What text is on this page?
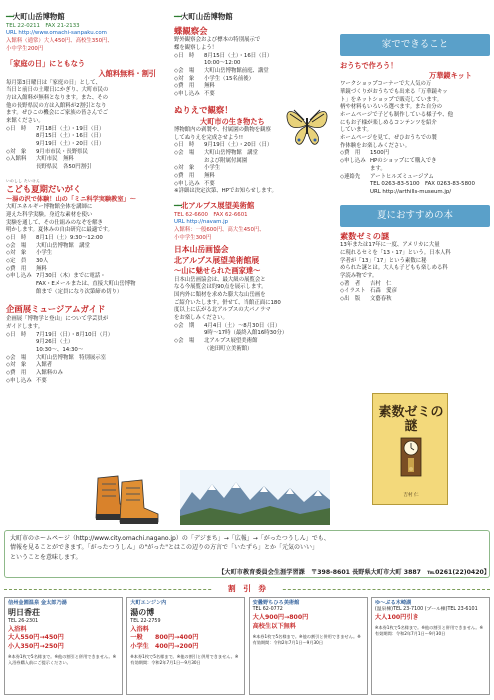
━━大町山岳博物館
TEL 22-0211　FAX 21-2133
URL http://www.omachi-sanpaku.com
入館料（通常）大人450円、高校生350円、
小中学生200円
「家庭の日」にともなう
入館料無料・割引
毎月第3日曜日は「家庭の日」として、
当日と前日の土曜日にかぎり、大町市民の
方は入館料が無料となります。また、その
他の長野県民の方は入館料が2割引となり
ます。ぜひこの機会にご家族の皆さんでご
来館ください。
◇日　時 7月18日（土）・19日（日）
8月15日（土）・16日（日）
9月19日（土）・20日（日）
◇対　象 9月市市民・長野県民
◇入館料 大町市民　無料
長野県民　各50円割引
いのしし たいけん
こども夏期だいがく
～湯の沢で体験！山の「ミニ科学実験教室」～
大町エネルギー博物館全体を講師に
迎えた科学実験。身近な素材を使い
実験を通して、その仕組みのなぞを解き
明かします。夏休みの自由研究に最適です。
◇日　時 8月1日（土）9:30～12:00
◇会　場 大町山岳博物館　講堂
◇対　象 小学生
◇定　員 30人
◇費　用 無料
◇申し込み 7月30日（木）までに電話・
FAX・Eメールまたは、直接大町山岳博物
館まで（定員になり次第締め切り）
企画展ミュージアムガイド
企画展「博物学と登山」について学芸員が
ガイドします。
◇日　時 7月19日（日）・8月10日（月）
9月26日（土）
10:30～、14:30～
◇会　場 大町山岳博物館　特別展示室
◇対　象 入館者
◇費　用 入館料のみ
◇申し込み 不要
━━大町山岳博物館
蝶観察会
野外観察会および標本の特別展示で
蝶を観察しよう！
◇日　時 8月15日（土）・16日（日）
10:00～12:00
◇会　場 大町山岳博物館前庭、講堂
◇対　象 小学生（15名前後）
◇費　用 無料
◇申し込み 不要
ぬりえで観察！
大町市の生き物たち
博物館内の剥製や、付属園の動物を観察
してぬりえを完成させよう!!
◇日　時 9月19日（土）・20日（日）
◇会　場 大町山岳博物館　講堂
および附属付属園
◇対　象 小学生
◇費　用 無料
◇申し込み 不要
※詳細は決定次第、HPでお知らせします。
━━北アルプス展望美術館
TEL 62-6600　FAX 62-6601
URL http://navam.jp
入館料：一般600円、高大生450円、
小中学生300円
日本山岳画協会
北アルプス展望美術館展
～山に魅せられた画家達～
日本山岳画協会は、最大級の展覧会と
なる今展覧会は約90点を展示します。
国内外に類材を求めた膨大な山岳画を
ご紹介いたします。併せて、当館正面に180
度以上に広がる北アルプスの大パノラマ
をお楽しみください。
◇会　期 4月4日（土）～8月30日（日）
9時～17時（最終入館16時30分）
◇会　場 北アルプス展望美術館
（池田町立美術館）
家でできること
おうちで作ろう！
万華鏡キット
ワークショップコーナーで大人気の万
華鏡づくりがおうちでも出来る「万華鏡キッ
ト」をネットショップで販売しています。
柄や材料もいろいろ選べます。また自分の
ホームページで子ども制作している様子や、他
にもお子様が楽しめるコンテンツを紹介
しています。
ホームページを見て、ぜひおうちでの製
作体験をお楽しみください。
◇費　用 1500円
◇申し込み HPのショップにて購入でき
ます。
◇連絡先 アートヒルズミュージアム
TEL 0263-83-5100　FAX 0263-83-5800
URL http://arthills-museum.jp/
夏におすすめの本
素数ゼミの謎
13年または17年に一度、アメリカに大量
に現れるセミを「13・17」という。日本人科
学者が「13」「17」という素数に秘
められた謎とは。大人も子どもも楽しめる科
学読み物です。
◇著　者 吉村　仁
◇イラスト 石森　愛彦
◇出　版 文藝春秋
素数ゼミの謎
吉村 仁
大町市のホームページ（http://www.city.omachi.nagano.jp）の「デジまち」→「広報」→「がったつうしん」でも、
情報を見ることができます。「がったつうしん」の"がった"とはこの辺りの方言で「いたずら」とか「元気のいい」
ということを意味します。
【大町市教育委員会生涯学習課　〒398-8601 長野県大町市大町 3887　℡0261(22)0420】
割　引　券
信州金園温泉 金太郎乃湯
明日香荘
TEL 26-2301
入浴料
大人550円→450円
小人350円→250円
※本券1枚で5名様まで。※他の割引と併用できません。※入浴券購入前にご提示ください。
大町エンジン内
湯の博
TEL 22-2759
入浴料
一般　　800円→400円
小学生　400円→200円
※本券1枚で5名様まで。※他の割引と併用できません。※有効期間：令和2年7月1日～9月30日
安曇野ちひろ美術館
TEL 62-0772
大人900円→800円
高校生以下無料
※本券1枚で5名様まで。※他の割引と併用できません。※有効期間：令和2年7月1日～9月30日
ゆ～ぷる木崎湖
(温泉棟)TEL 23-7100 (プール棟)TEL 23-6101
大人100円引き
※本券1枚で5名様まで。※他の割引と併用できません。※有効期間：令和2年7月1日～9月30日
